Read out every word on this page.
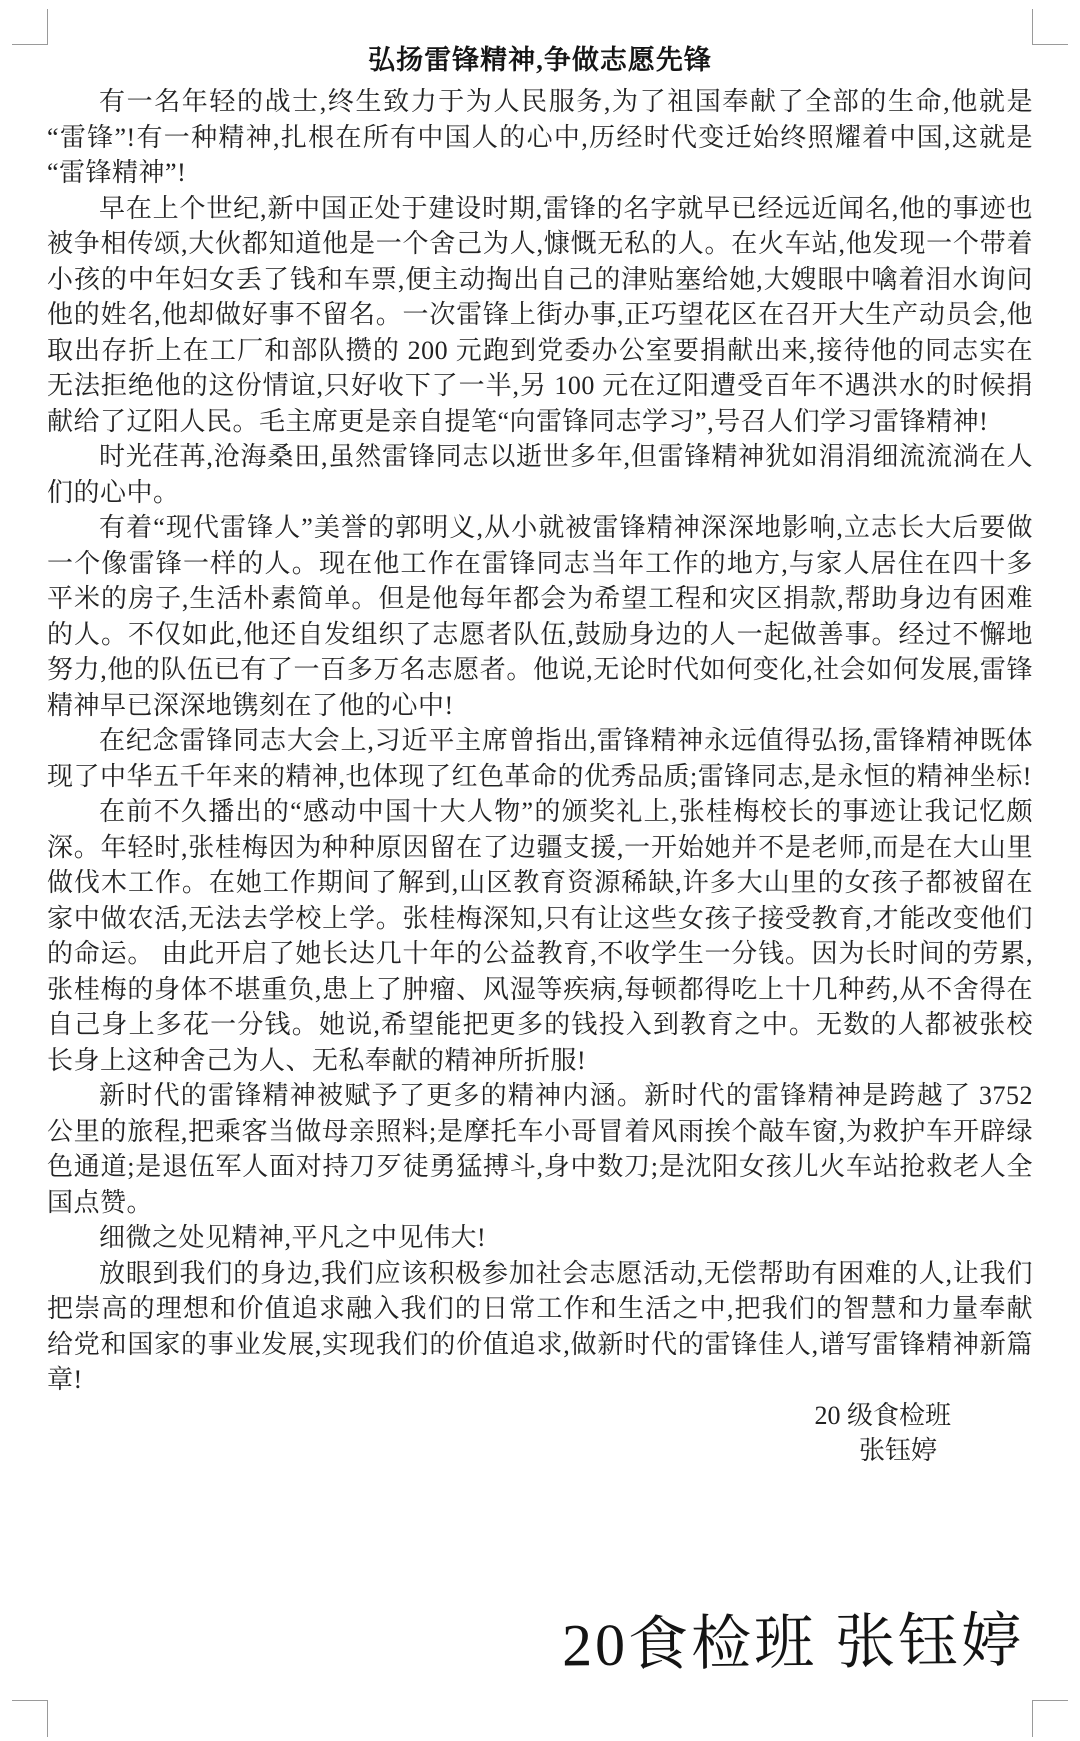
弘扬雷锋精神,争做志愿先锋

有一名年轻的战士,终生致力于为人民服务,为了祖国奉献了全部的生命,他就是“雷锋”!有一种精神,扎根在所有中国人的心中,历经时代变迁始终照耀着中国,这就是“雷锋精神”!

早在上个世纪,新中国正处于建设时期,雷锋的名字就早已经远近闻名,他的事迹也被争相传颂,大伙都知道他是一个舍己为人,慷慨无私的人。在火车站,他发现一个带着小孩的中年妇女丢了钱和车票,便主动掏出自己的津贴塞给她,大嫂眼中噙着泪水询问他的姓名,他却做好事不留名。一次雷锋上街办事,正巧望花区在召开大生产动员会,他取出存折上在工厂和部队攒的 200 元跑到党委办公室要捐献出来,接待他的同志实在无法拒绝他的这份情谊,只好收下了一半,另 100 元在辽阳遭受百年不遇洪水的时候捐献给了辽阳人民。毛主席更是亲自提笔“向雷锋同志学习”,号召人们学习雷锋精神!

时光荏苒,沧海桑田,虽然雷锋同志以逝世多年,但雷锋精神犹如涓涓细流流淌在人们的心中。

有着“现代雷锋人”美誉的郭明义,从小就被雷锋精神深深地影响,立志长大后要做一个像雷锋一样的人。现在他工作在雷锋同志当年工作的地方,与家人居住在四十多平米的房子,生活朴素简单。但是他每年都会为希望工程和灾区捐款,帮助身边有困难的人。不仅如此,他还自发组织了志愿者队伍,鼓励身边的人一起做善事。经过不懈地努力,他的队伍已有了一百多万名志愿者。他说,无论时代如何变化,社会如何发展,雷锋精神早已深深地镌刻在了他的心中!

在纪念雷锋同志大会上,习近平主席曾指出,雷锋精神永远值得弘扬,雷锋精神既体现了中华五千年来的精神,也体现了红色革命的优秀品质;雷锋同志,是永恒的精神坐标!

在前不久播出的“感动中国十大人物”的颁奖礼上,张桂梅校长的事迹让我记忆颇深。年轻时,张桂梅因为种种原因留在了边疆支援,一开始她并不是老师,而是在大山里做伐木工作。在她工作期间了解到,山区教育资源稀缺,许多大山里的女孩子都被留在家中做农活,无法去学校上学。张桂梅深知,只有让这些女孩子接受教育,才能改变他们的命运。 由此开启了她长达几十年的公益教育,不收学生一分钱。因为长时间的劳累,张桂梅的身体不堪重负,患上了肿瘤、风湿等疾病,每顿都得吃上十几种药,从不舍得在自己身上多花一分钱。她说,希望能把更多的钱投入到教育之中。无数的人都被张校长身上这种舍己为人、无私奉献的精神所折服!

新时代的雷锋精神被赋予了更多的精神内涵。新时代的雷锋精神是跨越了 3752 公里的旅程,把乘客当做母亲照料;是摩托车小哥冒着风雨挨个敲车窗,为救护车开辟绿色通道;是退伍军人面对持刀歹徒勇猛搏斗,身中数刀;是沈阳女孩儿火车站抢救老人全国点赞。

细微之处见精神,平凡之中见伟大!

放眼到我们的身边,我们应该积极参加社会志愿活动,无偿帮助有困难的人,让我们把崇高的理想和价值追求融入我们的日常工作和生活之中,把我们的智慧和力量奉献给党和国家的事业发展,实现我们的价值追求,做新时代的雷锋佳人,谱写雷锋精神新篇章!

20 级食检班

张钰婷

20食检班 张钰婷
